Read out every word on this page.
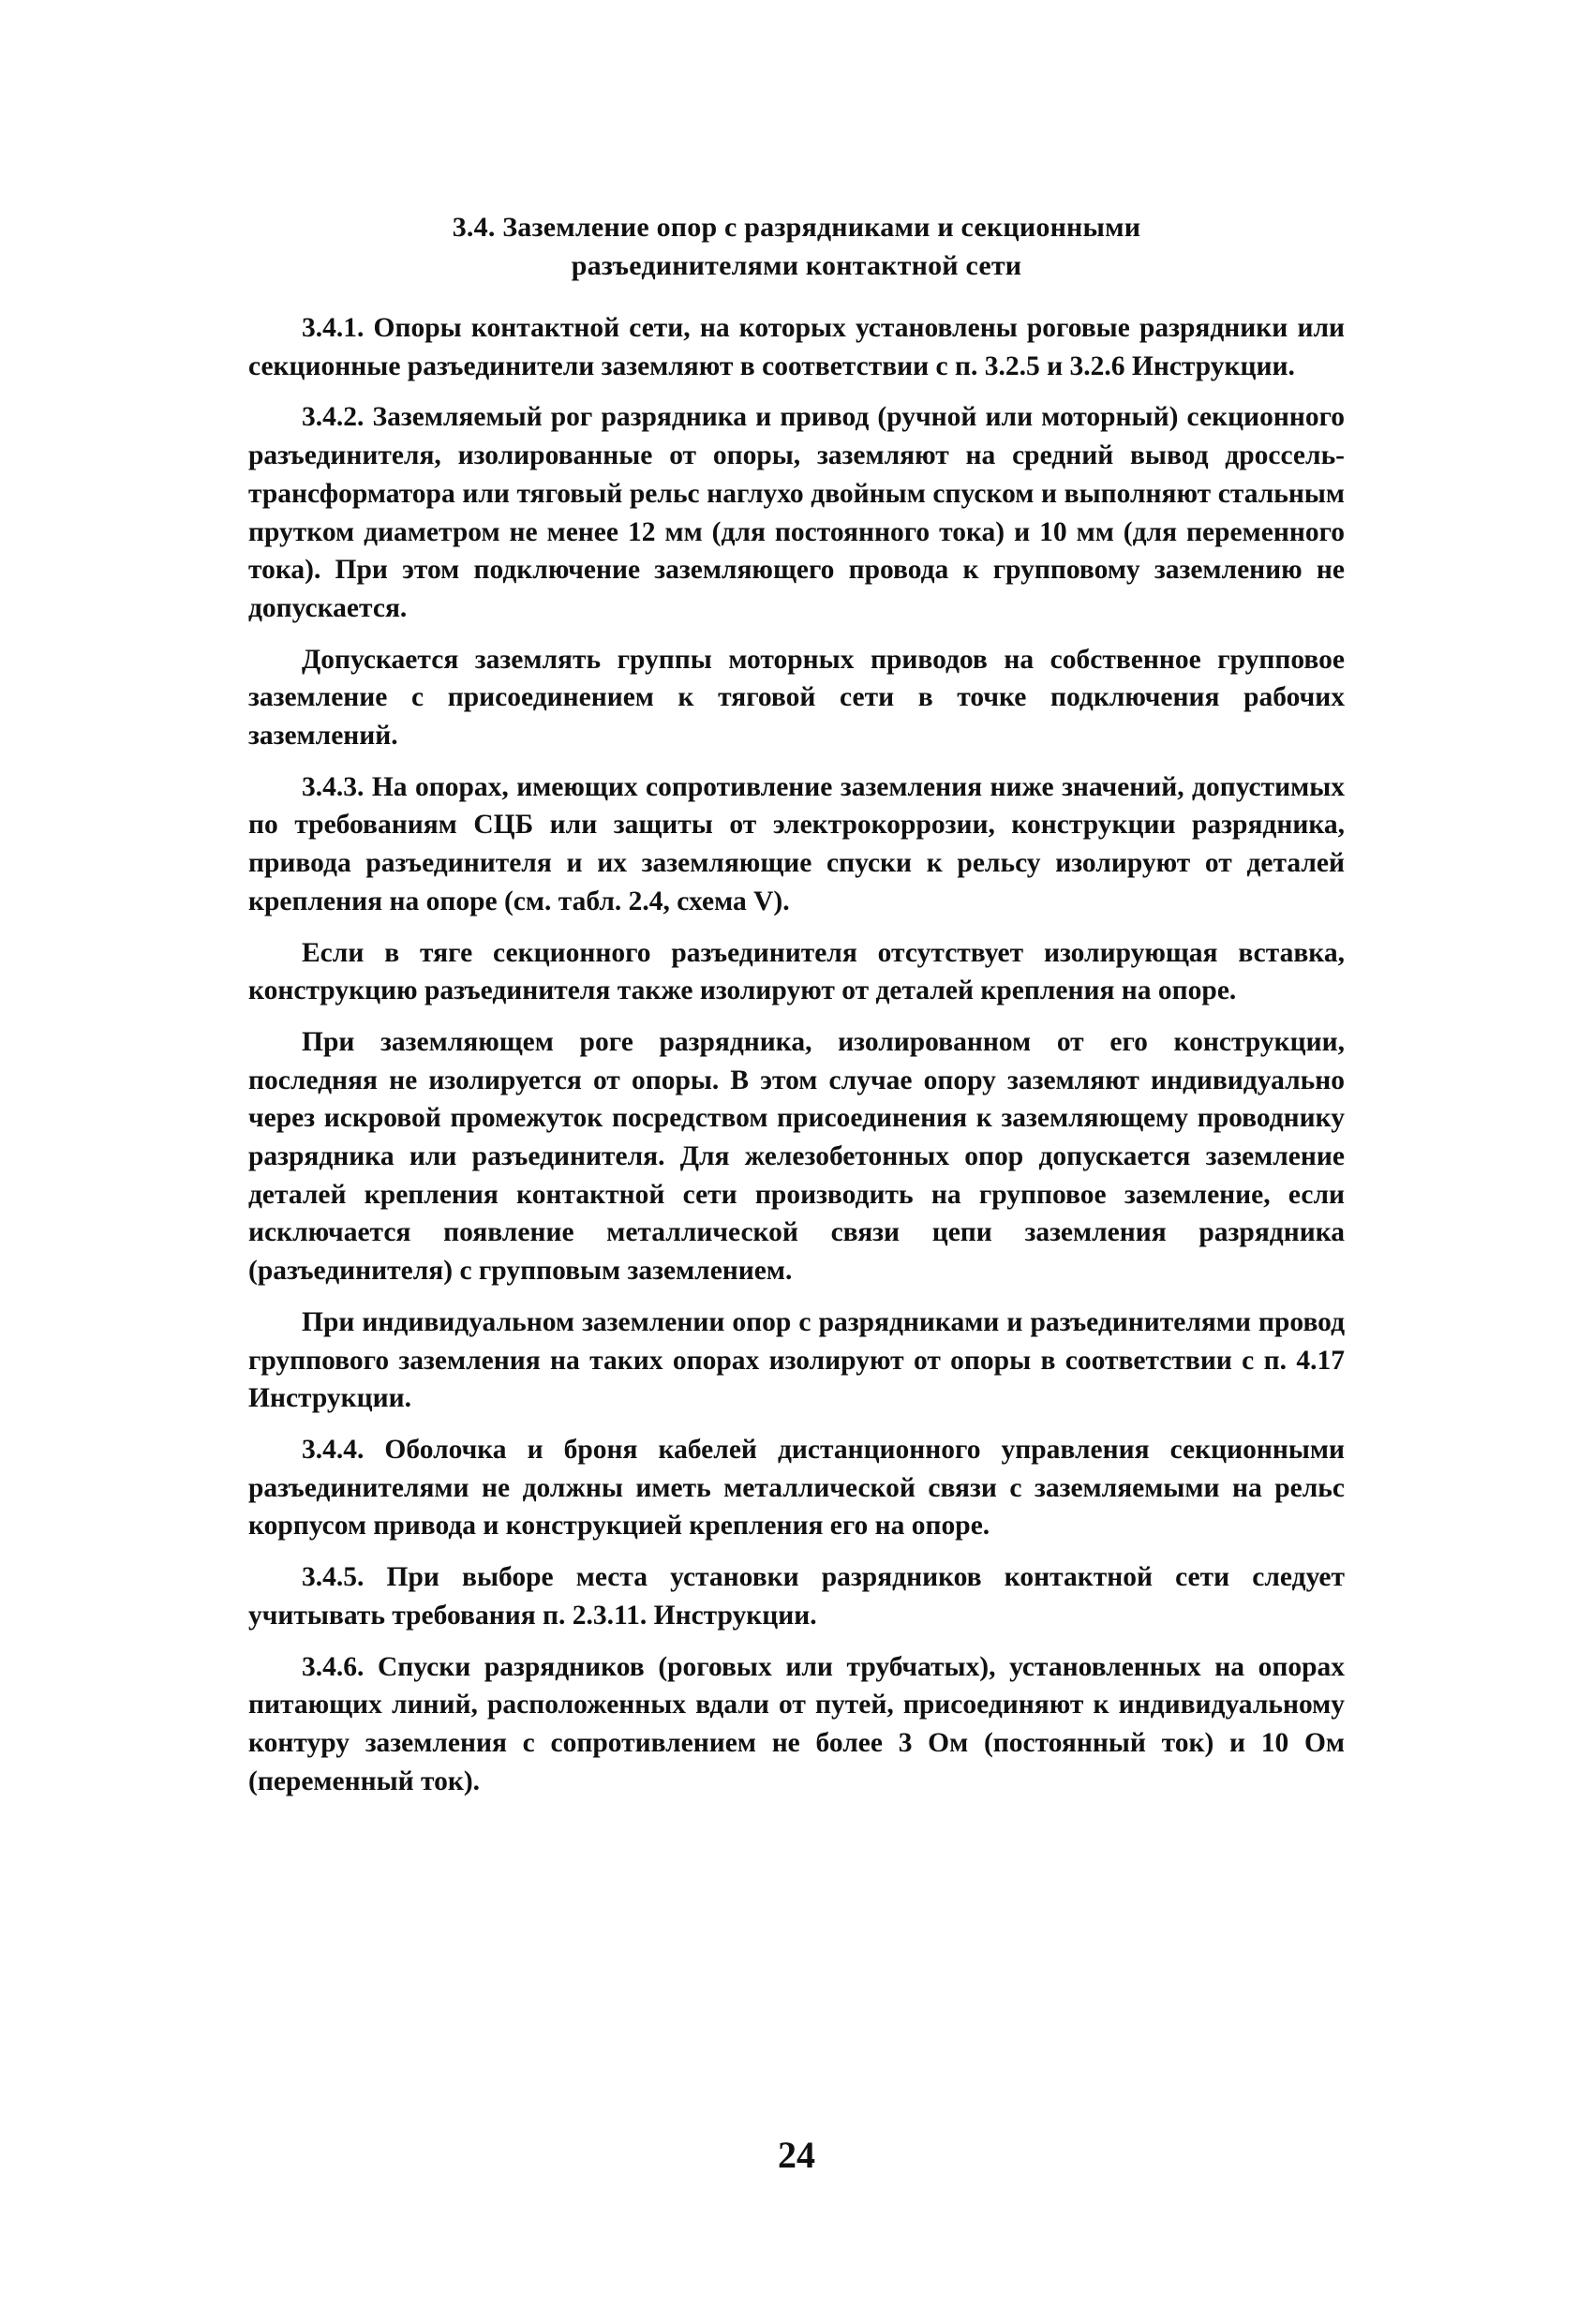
3.4. Заземление опор с разрядниками и секционными
разъединителями контактной сети

3.4.1. Опоры контактной сети, на которых установлены роговые разрядники или секционные разъединители заземляют в соответствии с п. 3.2.5 и 3.2.6 Инструкции.

3.4.2. Заземляемый рог разрядника и привод (ручной или моторный) секционного разъединителя, изолированные от опоры, заземляют на средний вывод дроссель-трансформатора или тяговый рельс наглухо двойным спуском и выполняют стальным прутком диаметром не менее 12 мм (для постоянного тока) и 10 мм (для переменного тока). При этом подключение заземляющего провода к групповому заземлению не допускается.

Допускается заземлять группы моторных приводов на собственное групповое заземление с присоединением к тяговой сети в точке подключения рабочих заземлений.

3.4.3. На опорах, имеющих сопротивление заземления ниже значений, допустимых по требованиям СЦБ или защиты от электрокоррозии, конструкции разрядника, привода разъединителя и их заземляющие спуски к рельсу изолируют от деталей крепления на опоре (см. табл. 2.4, схема V).

Если в тяге секционного разъединителя отсутствует изолирующая вставка, конструкцию разъединителя также изолируют от деталей крепления на опоре.

При заземляющем роге разрядника, изолированном от его конструкции, последняя не изолируется от опоры. В этом случае опору заземляют индивидуально через искровой промежуток посредством присоединения к заземляющему проводнику разрядника или разъединителя. Для железобетонных опор допускается заземление деталей крепления контактной сети производить на групповое заземление, если исключается появление металлической связи цепи заземления разрядника (разъединителя) с групповым заземлением.

При индивидуальном заземлении опор с разрядниками и разъединителями провод группового заземления на таких опорах изолируют от опоры в соответствии с п. 4.17 Инструкции.

3.4.4. Оболочка и броня кабелей дистанционного управления секционными разъединителями не должны иметь металлической связи с заземляемыми на рельс корпусом привода и конструкцией крепления его на опоре.

3.4.5. При выборе места установки разрядников контактной сети следует учитывать требования п. 2.3.11. Инструкции.

3.4.6. Спуски разрядников (роговых или трубчатых), установленных на опорах питающих линий, расположенных вдали от путей, присоединяют к индивидуальному контуру заземления с сопротивлением не более 3 Ом (постоянный ток) и 10 Ом (переменный ток).

24
